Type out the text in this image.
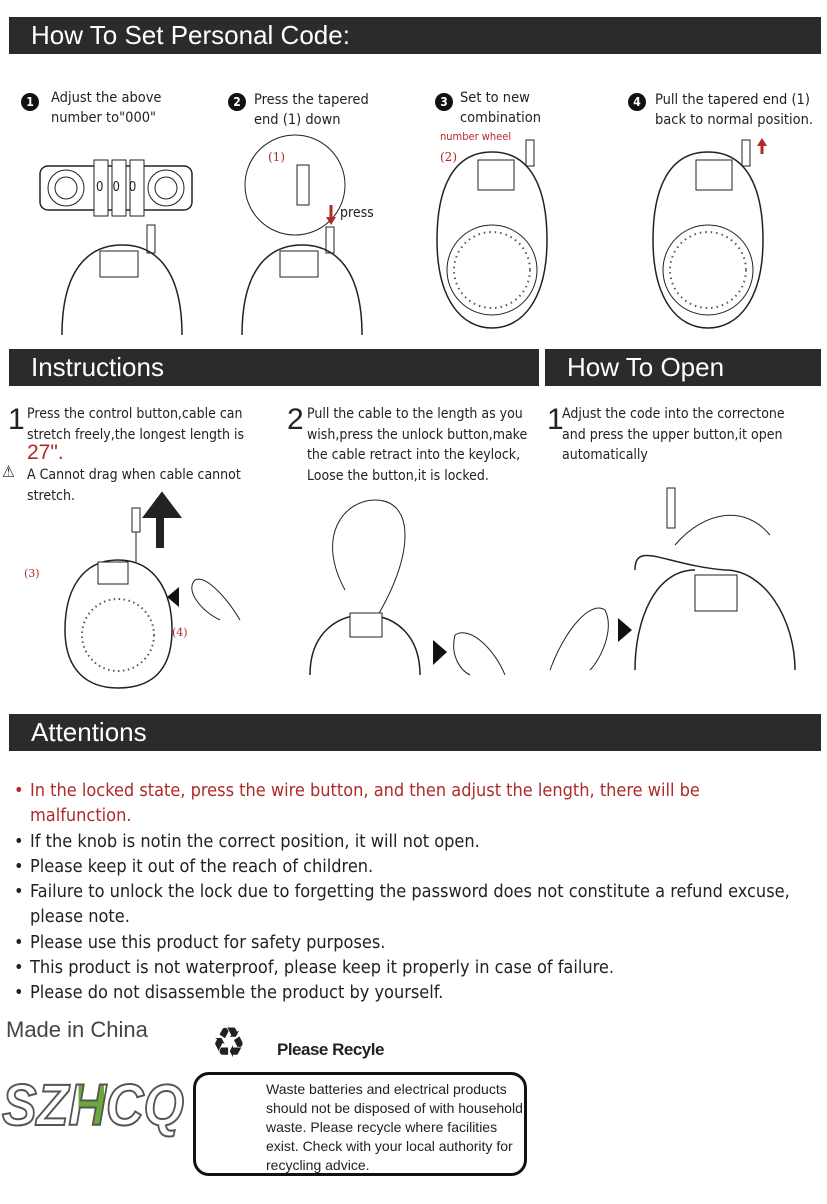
How To Set Personal Code:
1	Adjust the above number to"000"
2 Press the tapered end (1) down
3 Set to new combination
4 Pull the tapered end (1) back to normal position.
000
(1)
press
number wheel
(2)
Instructions	How To Open
1 Press the control button,cable can stretch freely,the longest length is
27".
⚠ A Cannot drag when cable cannot stretch.
2 Pull the cable to the length as you wish,press the unlock button,make the cable retract into the keylock, Loose the button,it is locked.
1
Adjust the code into the correctone and press the upper button,it open automatically
(3)
(4)
Attentions
• In the locked state, press the wire button, and then adjust the length, there will be malfunction.
• If the knob is notin the correct position, it will not open.
• Please keep it out of the reach of children.
• Failure to unlock the lock due to forgetting the password does not constitute a refund excuse, please note.
• Please use this product for safety purposes.
• This product is not waterproof, please keep it properly in case of failure.
• Please do not disassemble the product by yourself.
Made in China
SZHCQ
♻ Please Recyle
Waste batteries and electrical products should not be disposed of with household waste. Please recycle where facilities exist. Check with your local authority for recycling advice.
